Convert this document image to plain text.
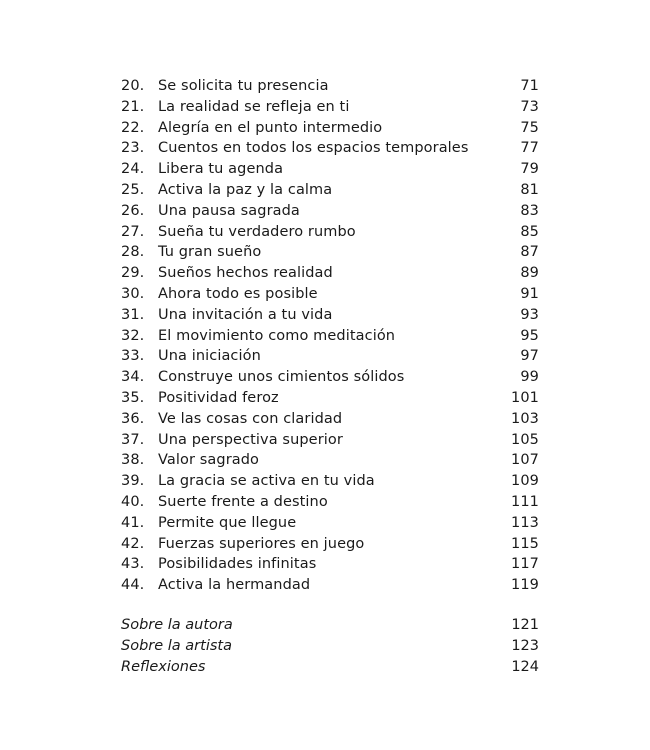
20. Se solicita tu presencia	71
21. La realidad se refleja en ti	73
22. Alegría en el punto intermedio	75
23. Cuentos en todos los espacios temporales	77
24. Libera tu agenda	79
25. Activa la paz y la calma	81
26. Una pausa sagrada	83
27. Sueña tu verdadero rumbo	85
28. Tu gran sueño	87
29. Sueños hechos realidad	89
30. Ahora todo es posible	91
31. Una invitación a tu vida	93
32. El movimiento como meditación	95
33. Una iniciación	97
34. Construye unos cimientos sólidos	99
35. Positividad feroz	101
36. Ve las cosas con claridad	103
37. Una perspectiva superior	105
38. Valor sagrado	107
39. La gracia se activa en tu vida	109
40. Suerte frente a destino	111
41. Permite que llegue	113
42. Fuerzas superiores en juego	115
43. Posibilidades infinitas	117
44. Activa la hermandad	119
Sobre la autora	121
Sobre la artista	123
Reflexiones	124
